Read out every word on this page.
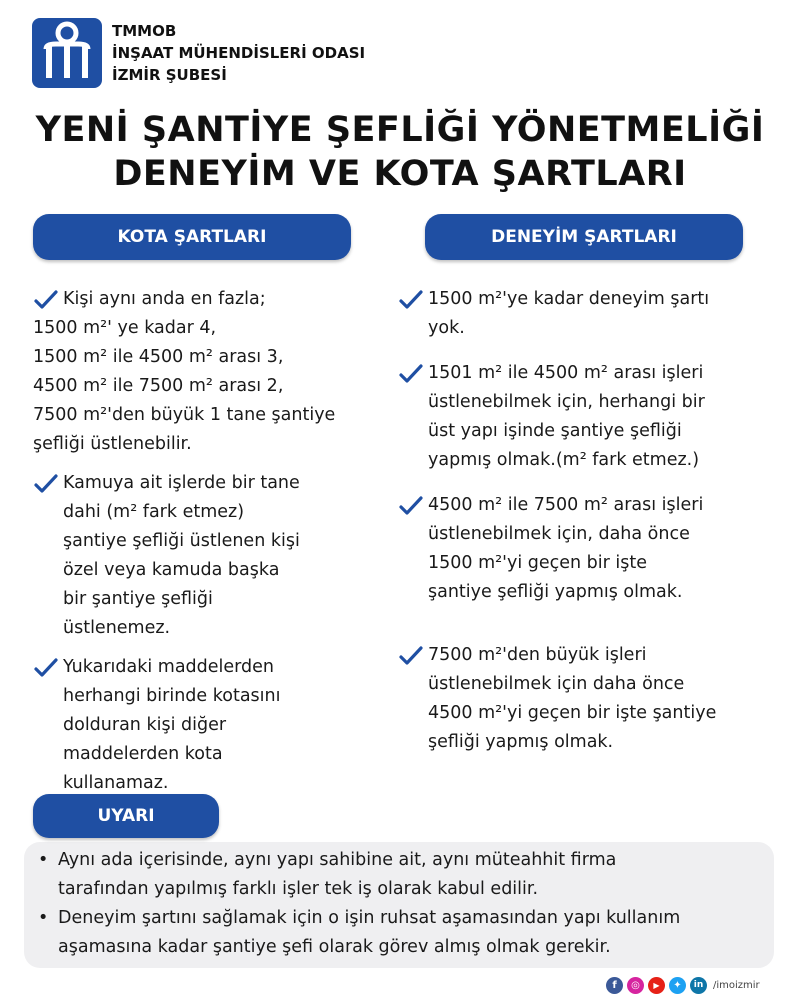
TMMOB
İNŞAAT MÜHENDİSLERİ ODASI
İZMİR ŞUBESİ
YENİ ŞANTİYE ŞEFLİĞİ YÖNETMELİĞİ
DENEYİM VE KOTA ŞARTLARI
KOTA ŞARTLARI	DENEYİM ŞARTLARI
Kişi aynı anda en fazla;
1500 m²' ye kadar 4,
1500 m² ile 4500 m² arası 3,
4500 m² ile 7500 m² arası 2,
7500 m²'den büyük 1 tane şantiye
şefliği üstlenebilir.
Kamuya ait işlerde bir tane
dahi (m² fark etmez)
şantiye şefliği üstlenen kişi
özel veya kamuda başka
bir şantiye şefliği
üstlenemez.
Yukarıdaki maddelerden
herhangi birinde kotasını
dolduran kişi diğer
maddelerden kota
kullanamaz.
1500 m²'ye kadar deneyim şartı
yok.
1501 m² ile 4500 m² arası işleri
üstlenebilmek için, herhangi bir
üst yapı işinde şantiye şefliği
yapmış olmak.(m² fark etmez.)
4500 m² ile 7500 m² arası işleri
üstlenebilmek için, daha önce
1500 m²'yi geçen bir işte
şantiye şefliği yapmış olmak.
7500 m²'den büyük işleri
üstlenebilmek için daha önce
4500 m²'yi geçen bir işte şantiye
şefliği yapmış olmak.
UYARI
• Aynı ada içerisinde, aynı yapı sahibine ait, aynı müteahhit firma
tarafından yapılmış farklı işler tek iş olarak kabul edilir.
• Deneyim şartını sağlamak için o işin ruhsat aşamasından yapı kullanım
aşamasına kadar şantiye şefi olarak görev almış olmak gerekir.
f	◎	▶	✦	in /imoizmir
